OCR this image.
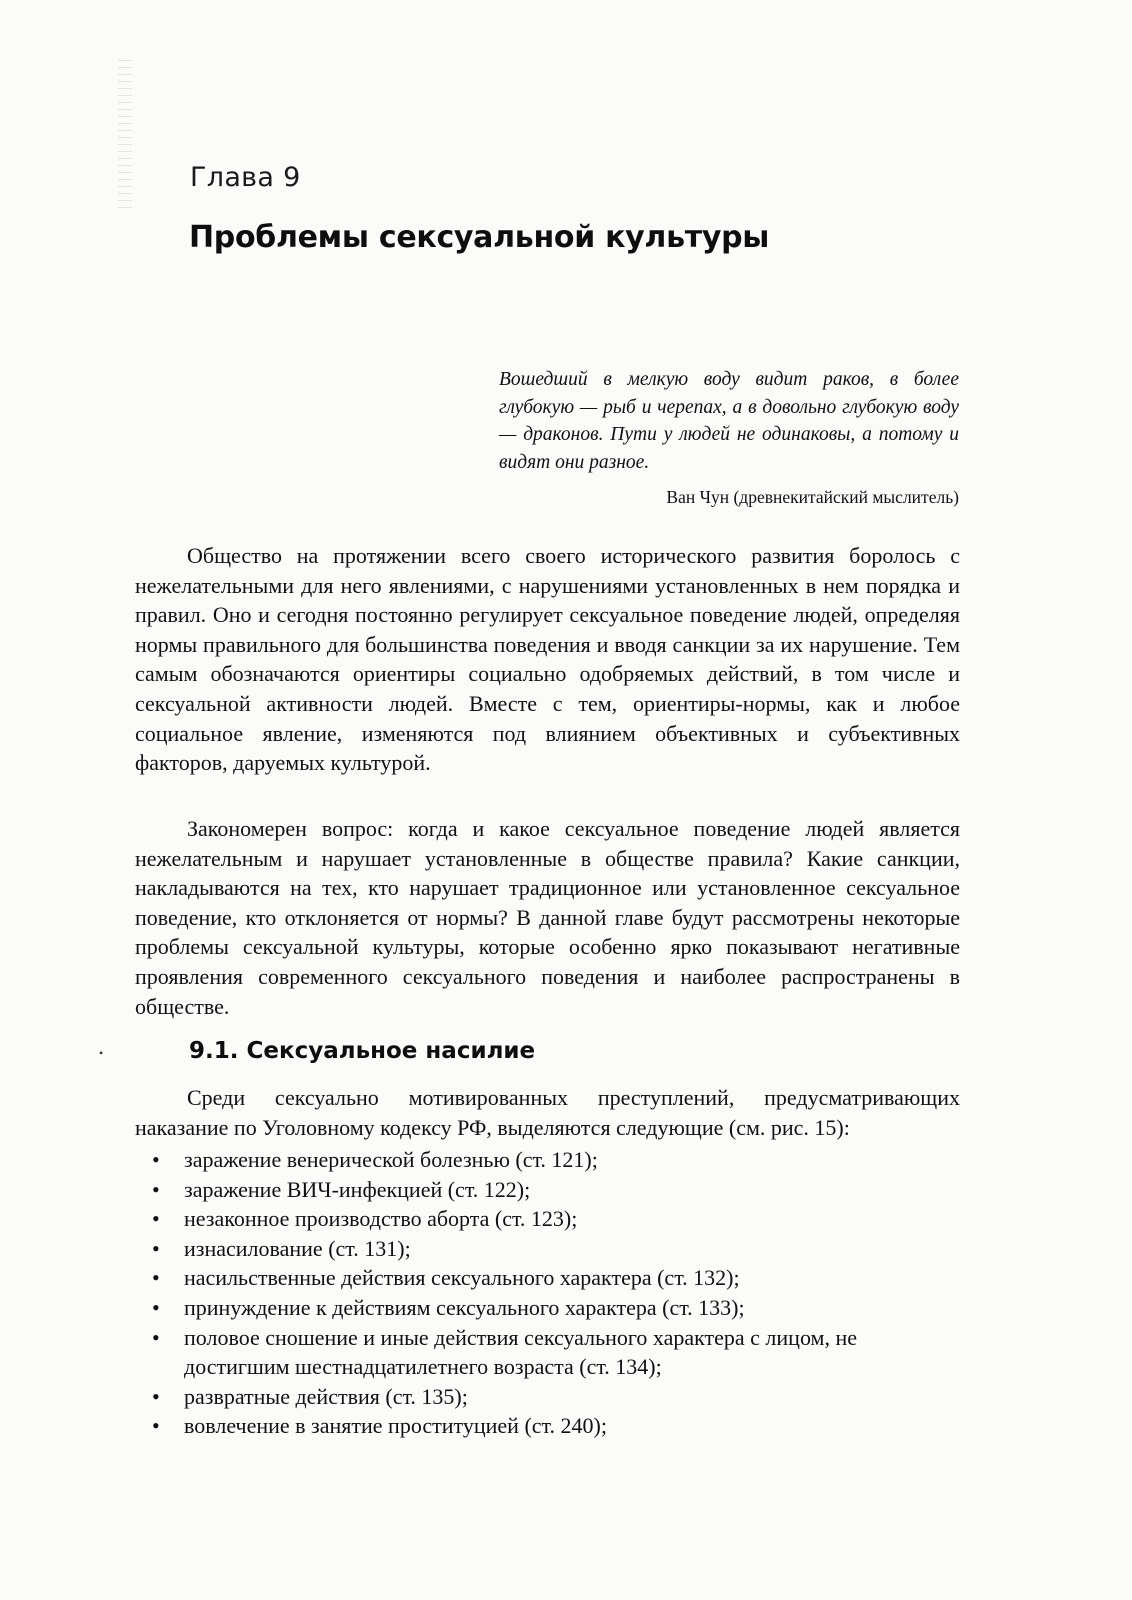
Глава 9
Проблемы сексуальной культуры
Вошедший в мелкую воду видит раков, в более глубокую — рыб и черепах, а в довольно глубокую воду — драконов. Пути у людей не одинаковы, а потому и видят они разное.
Ван Чун (древнекитайский мыслитель)

Общество на протяжении всего своего исторического развития боролось с нежелательными для него явлениями, с нарушениями установленных в нем порядка и правил. Оно и сегодня постоянно регулирует сексуальное поведение людей, определяя нормы правильного для большинства поведения и вводя санкции за их нарушение. Тем самым обозначаются ориентиры социально одобряемых действий, в том числе и сексуальной активности людей. Вместе с тем, ориентиры-нормы, как и любое социальное явление, изменяются под влиянием объективных и субъективных факторов, даруемых культурой.

Закономерен вопрос: когда и какое сексуальное поведение людей является нежелательным и нарушает установленные в обществе правила? Какие санкции, накладываются на тех, кто нарушает традиционное или установленное сексуальное поведение, кто отклоняется от нормы? В данной главе будут рассмотрены некоторые проблемы сексуальной культуры, которые особенно ярко показывают негативные проявления современного сексуального поведения и наиболее распространены в обществе.

•	9.1. Сексуальное насилие

Среди сексуально мотивированных преступлений, предусматривающих наказание по Уголовному кодексу РФ, выделяются следующие (см. рис. 15):

• заражение венерической болезнью (ст. 121);
• заражение ВИЧ-инфекцией (ст. 122);
• незаконное производство аборта (ст. 123);
• изнасилование (ст. 131);
• насильственные действия сексуального характера (ст. 132);
• принуждение к действиям сексуального характера (ст. 133);
• половое сношение и иные действия сексуального характера с лицом, не достигшим шестнадцатилетнего возраста (ст. 134);
• развратные действия (ст. 135);
• вовлечение в занятие проституцией (ст. 240);
